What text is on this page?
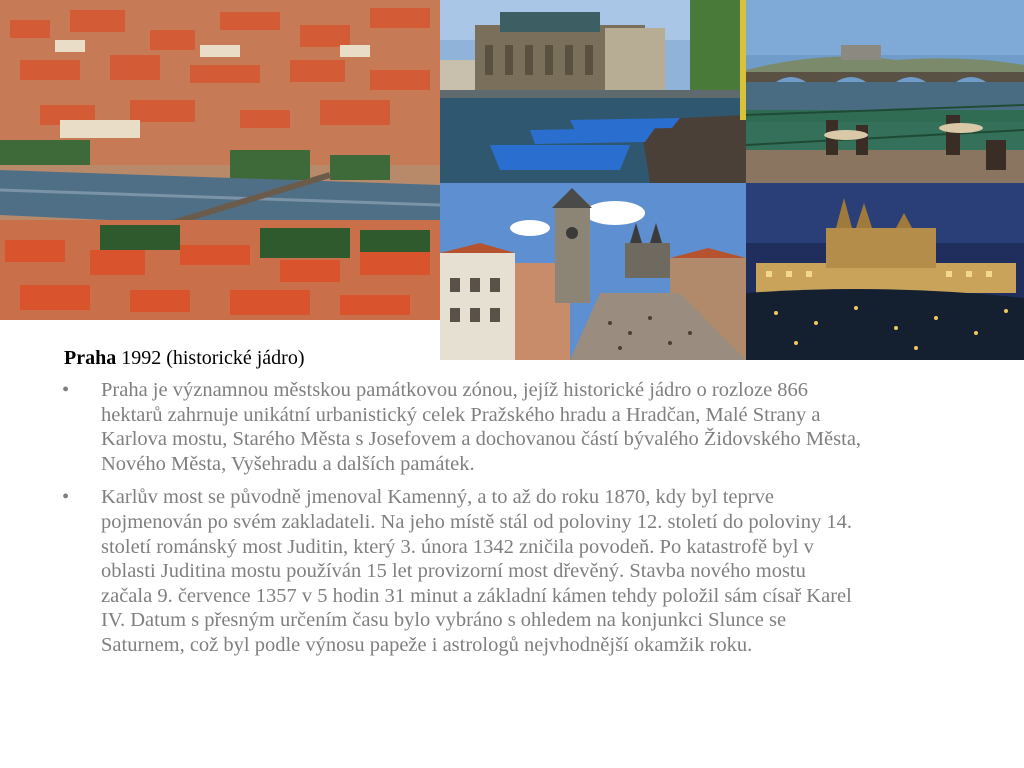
Praha 1992 (historické jádro)
• Praha je významnou městskou památkovou zónou, jejíž historické jádro o rozloze 866 hektarů zahrnuje unikátní urbanistický celek Pražského hradu a Hradčan, Malé Strany a Karlova mostu, Starého Města s Josefovem a dochovanou částí bývalého Židovského Města, Nového Města, Vyšehradu a dalších památek.
• Karlův most se původně jmenoval Kamenný, a to až do roku 1870, kdy byl teprve pojmenován po svém zakladateli. Na jeho místě stál od poloviny 12. století do poloviny 14. století románský most Juditin, který 3. února 1342 zničila povodeň. Po katastrofě byl v oblasti Juditina mostu používán 15 let provizorní most dřevěný. Stavba nového mostu začala 9. července 1357 v 5 hodin 31 minut a základní kámen tehdy položil sám císař Karel IV. Datum s přesným určením času bylo vybráno s ohledem na konjunkci Slunce se Saturnem, což byl podle výnosu papeže i astrologů nejvhodnější okamžik roku.
